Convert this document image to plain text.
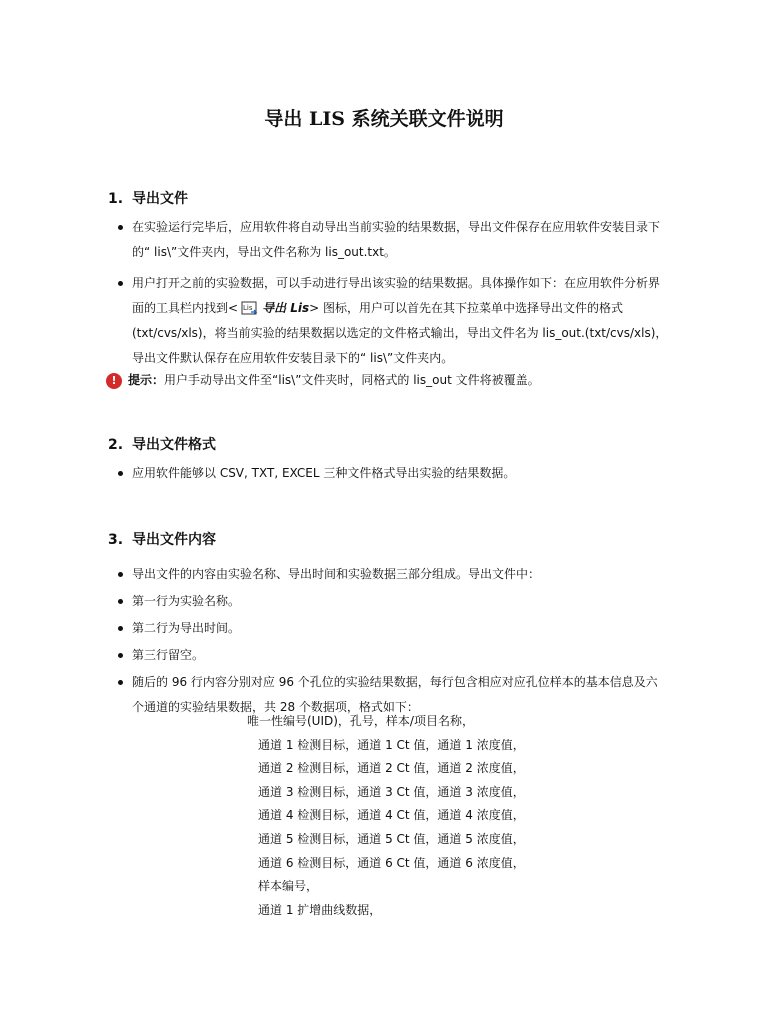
导出 LIS 系统关联文件说明
1. 导出文件
在实验运行完毕后，应用软件将自动导出当前实验的结果数据，导出文件保存在应用软件安装目录下的“ lis\”文件夹内，导出文件名称为 lis_out.txt。
用户打开之前的实验数据，可以手动进行导出该实验的结果数据。具体操作如下：在应用软件分析界面的工具栏内找到< Lis 导出 Lis > 图标，用户可以首先在其下拉菜单中选择导出文件的格式(txt/cvs/xls)，将当前实验的结果数据以选定的文件格式输出，导出文件名为 lis_out.(txt/cvs/xls)，导出文件默认保存在应用软件安装目录下的“ lis\”文件夹内。
! 提示：用户手动导出文件至“lis\”文件夹时，同格式的 lis_out 文件将被覆盖。
2. 导出文件格式
应用软件能够以 CSV, TXT, EXCEL 三种文件格式导出实验的结果数据。
3. 导出文件内容
导出文件的内容由实验名称、导出时间和实验数据三部分组成。导出文件中：
第一行为实验名称。
第二行为导出时间。
第三行留空。
随后的 96 行内容分别对应 96 个孔位的实验结果数据，每行包含相应对应孔位样本的基本信息及六个通道的实验结果数据，共 28 个数据项，格式如下：
唯一性编号(UID)，孔号，样本/项目名称，
通道 1 检测目标，通道 1 Ct 值，通道 1 浓度值，
通道 2 检测目标，通道 2 Ct 值，通道 2 浓度值，
通道 3 检测目标，通道 3 Ct 值，通道 3 浓度值，
通道 4 检测目标，通道 4 Ct 值，通道 4 浓度值，
通道 5 检测目标，通道 5 Ct 值，通道 5 浓度值，
通道 6 检测目标，通道 6 Ct 值，通道 6 浓度值，
样本编号，
通道 1 扩增曲线数据，
